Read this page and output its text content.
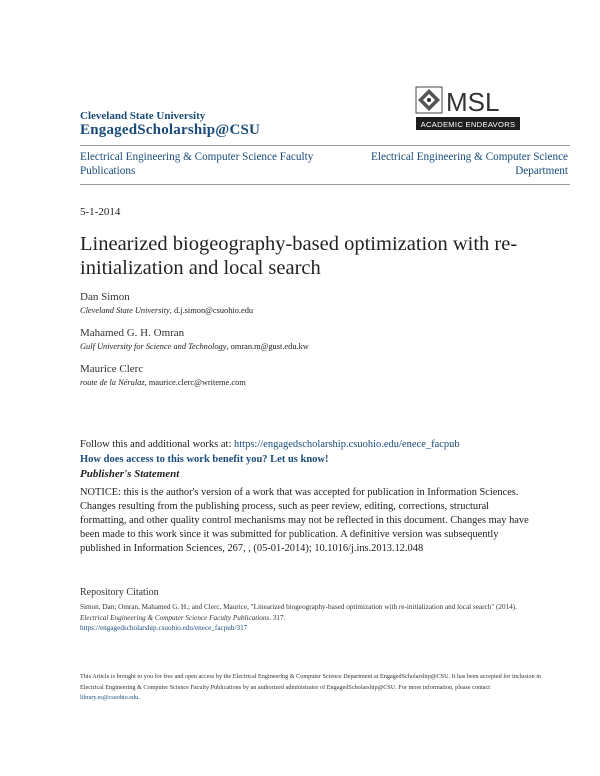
Cleveland State University
EngagedScholarship@CSU
MSL
ACADEMIC ENDEAVORS
Electrical Engineering & Computer Science Faculty Publications
Electrical Engineering & Computer Science Department
5-1-2014
Linearized biogeography-based optimization with re-initialization and local search
Dan Simon
Cleveland State University, d.j.simon@csuohio.edu
Mahamed G. H. Omran
Gulf University for Science and Technology, omran.m@gust.edu.kw
Maurice Clerc
route de la Nérulaz, maurice.clerc@writeme.com
Follow this and additional works at: https://engagedscholarship.csuohio.edu/enece_facpub
How does access to this work benefit you? Let us know!
Publisher's Statement
NOTICE: this is the author's version of a work that was accepted for publication in Information Sciences. Changes resulting from the publishing process, such as peer review, editing, corrections, structural formatting, and other quality control mechanisms may not be reflected in this document. Changes may have been made to this work since it was submitted for publication. A definitive version was subsequently published in Information Sciences, 267, , (05-01-2014); 10.1016/j.ins.2013.12.048
Repository Citation
Simon, Dan; Omran, Mahamed G. H.; and Clerc, Maurice, "Linearized biogeography-based optimization with re-initialization and local search" (2014). Electrical Engineering & Computer Science Faculty Publications. 317.
https://engagedscholarship.csuohio.edu/enece_facpub/317
This Article is brought to you for free and open access by the Electrical Engineering & Computer Science Department at EngagedScholarship@CSU. It has been accepted for inclusion in Electrical Engineering & Computer Science Faculty Publications by an authorized administrator of EngagedScholarship@CSU. For more information, please contact library.es@csuohio.edu.
